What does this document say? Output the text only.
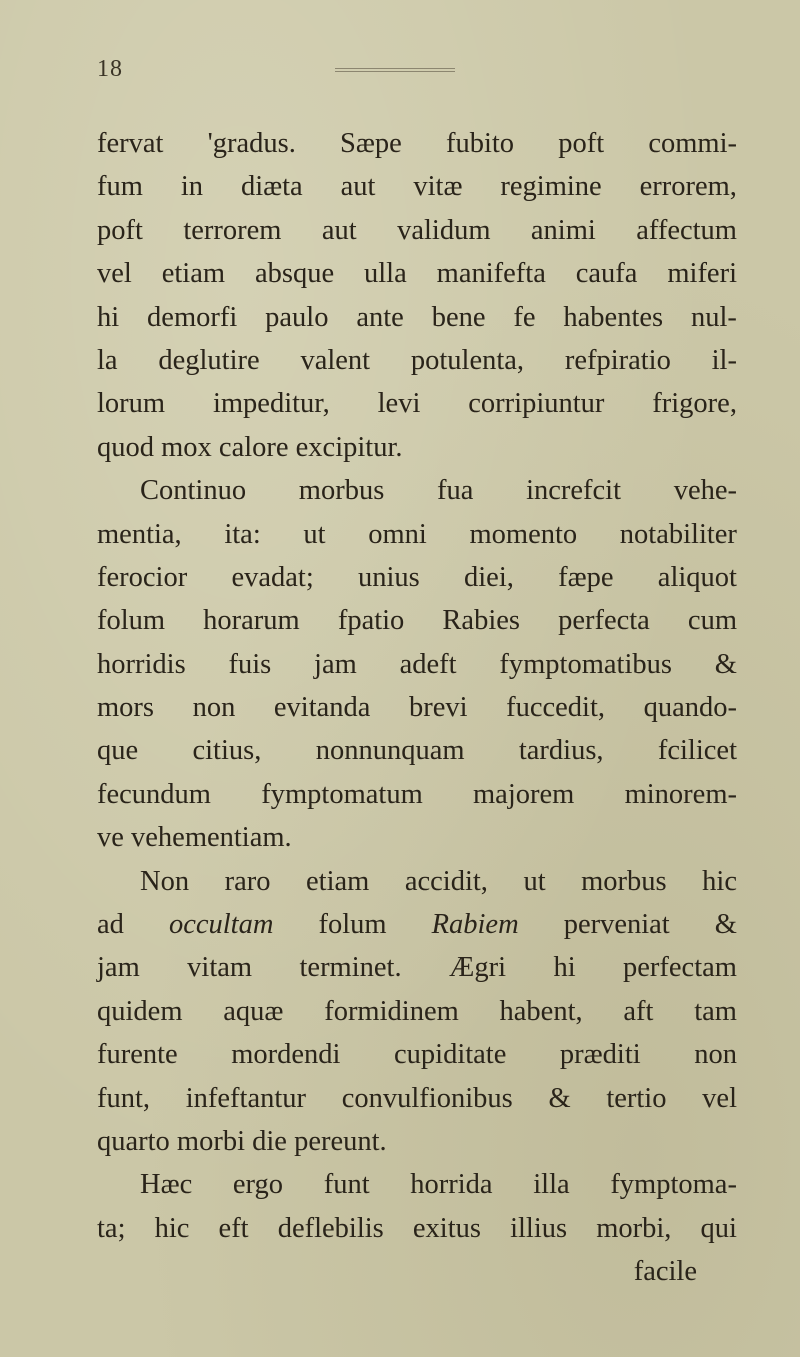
18
fervat 'gradus. Sæpe fubito poft commi-
fum in diæta aut vitæ regimine errorem,
poft terrorem aut validum animi affectum
vel etiam absque ulla manifefta caufa miferi
hi demorfi paulo ante bene fe habentes nul-
la deglutire valent potulenta, refpiratio il-
lorum impeditur, levi corripiuntur frigore,
quod mox calore excipitur.
Continuo morbus fua increfcit vehe-
mentia, ita: ut omni momento notabiliter
ferocior evadat; unius diei, fæpe aliquot
folum horarum fpatio Rabies perfecta cum
horridis fuis jam adeft fymptomatibus &
mors non evitanda brevi fuccedit, quando-
que citius, nonnunquam tardius, fcilicet
fecundum fymptomatum majorem minorem-
ve vehementiam.
Non raro etiam accidit, ut morbus hic
ad occultam folum Rabiem perveniat &
jam vitam terminet. Ægri hi perfectam
quidem aquæ formidinem habent, aft tam
furente mordendi cupiditate præditi non
funt, infeftantur convulfionibus & tertio vel
quarto morbi die pereunt.
Hæc ergo funt horrida illa fymptoma-
ta; hic eft deflebilis exitus illius morbi, qui
facile
